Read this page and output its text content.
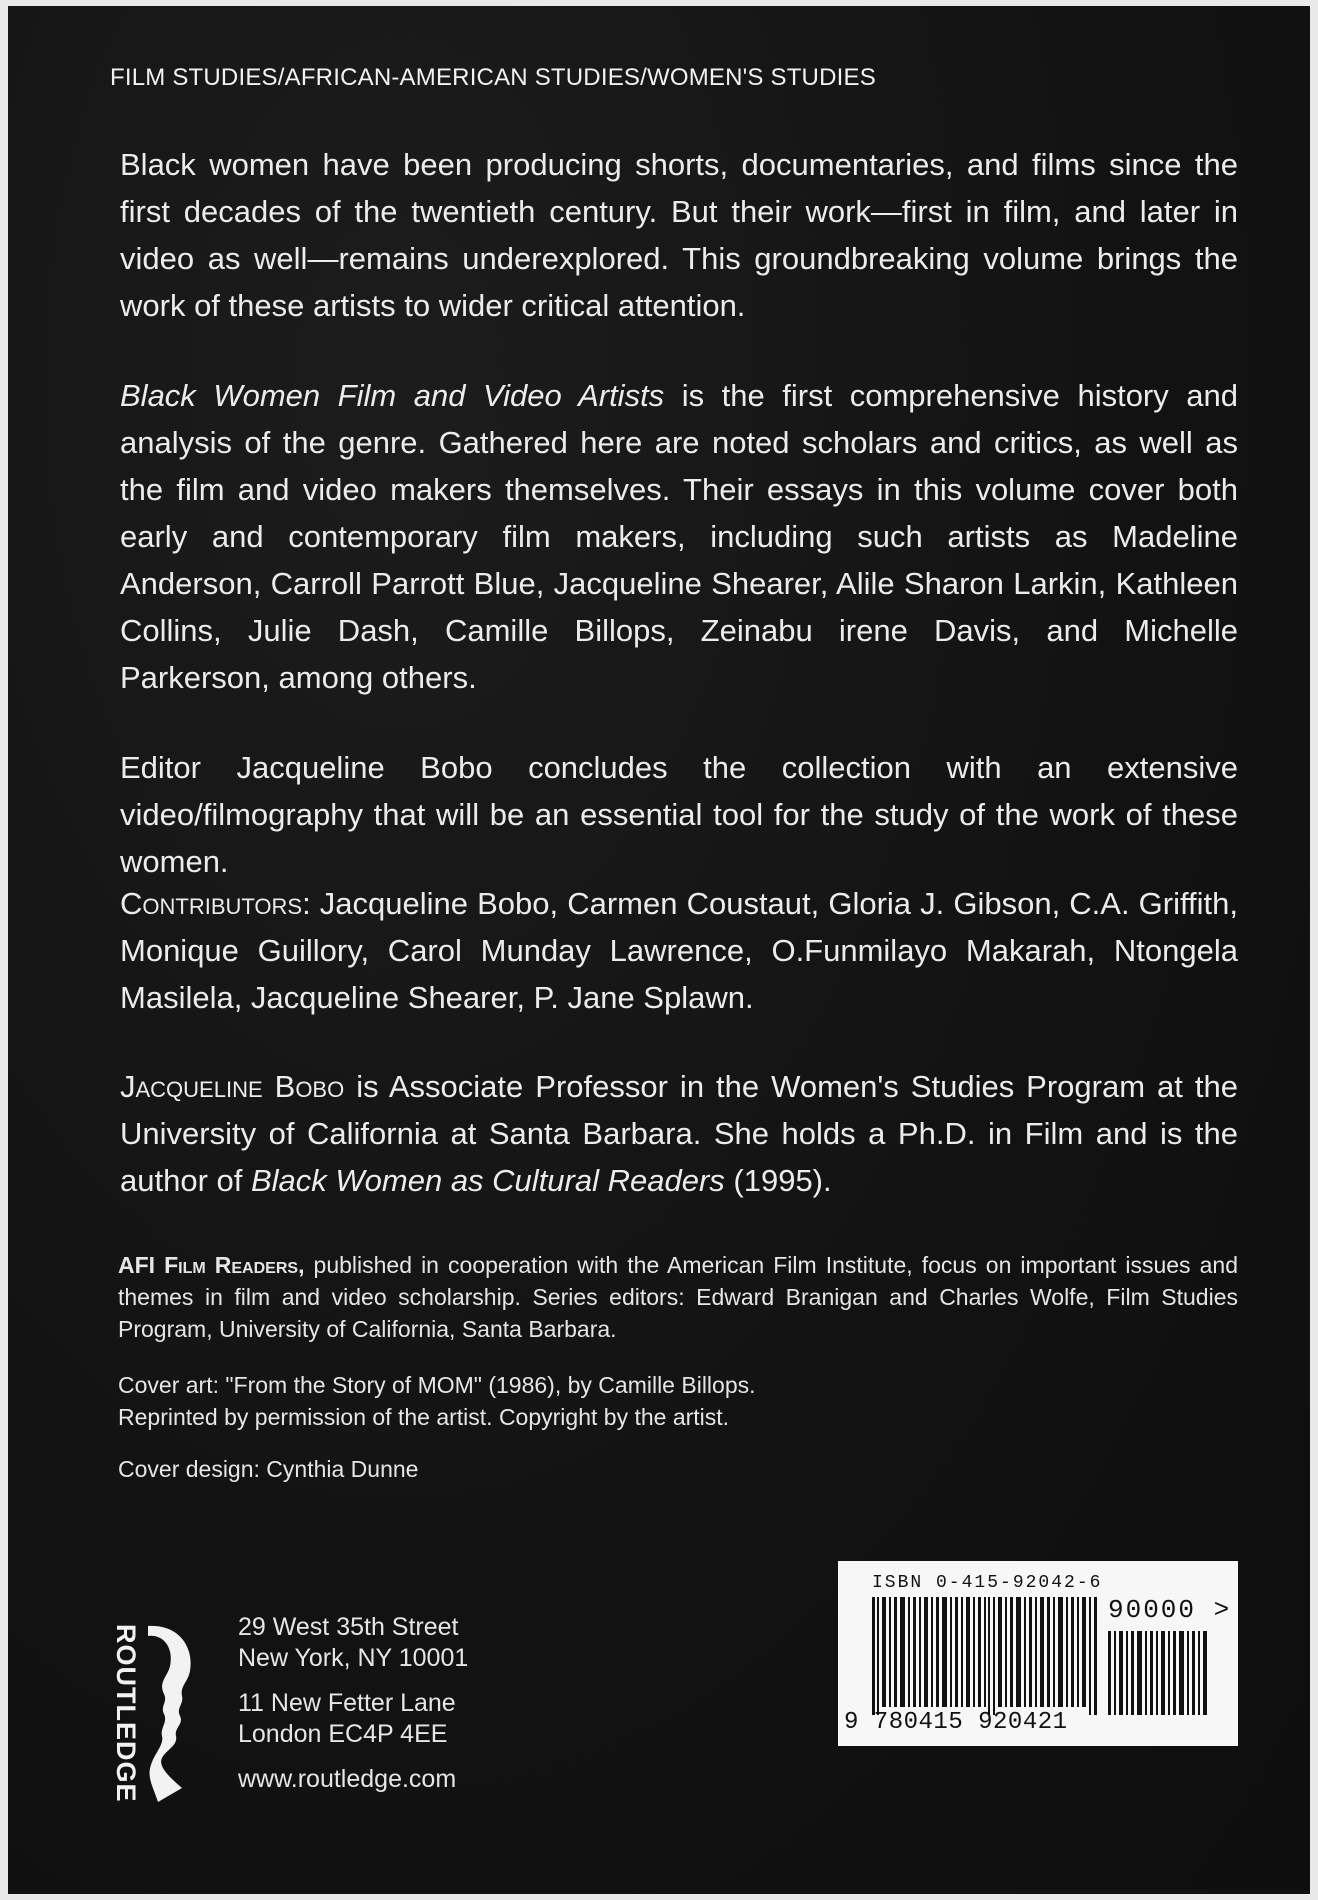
FILM STUDIES/AFRICAN-AMERICAN STUDIES/WOMEN'S STUDIES
Black women have been producing shorts, documentaries, and films since the first decades of the twentieth century. But their work—first in film, and later in video as well—remains underexplored. This groundbreaking volume brings the work of these artists to wider critical attention.
Black Women Film and Video Artists is the first comprehensive history and analysis of the genre. Gathered here are noted scholars and critics, as well as the film and video makers themselves. Their essays in this volume cover both early and contemporary film makers, including such artists as Madeline Anderson, Carroll Parrott Blue, Jacqueline Shearer, Alile Sharon Larkin, Kathleen Collins, Julie Dash, Camille Billops, Zeinabu irene Davis, and Michelle Parkerson, among others.
Editor Jacqueline Bobo concludes the collection with an extensive video/filmography that will be an essential tool for the study of the work of these women.
Contributors: Jacqueline Bobo, Carmen Coustaut, Gloria J. Gibson, C.A. Griffith, Monique Guillory, Carol Munday Lawrence, O.Funmilayo Makarah, Ntongela Masilela, Jacqueline Shearer, P. Jane Splawn.
Jacqueline Bobo is Associate Professor in the Women's Studies Program at the University of California at Santa Barbara. She holds a Ph.D. in Film and is the author of Black Women as Cultural Readers (1995).
AFI Film Readers, published in cooperation with the American Film Institute, focus on important issues and themes in film and video scholarship. Series editors: Edward Branigan and Charles Wolfe, Film Studies Program, University of California, Santa Barbara.
Cover art: "From the Story of MOM" (1986), by Camille Billops.
Reprinted by permission of the artist. Copyright by the artist.
Cover design: Cynthia Dunne
ROUTLEDGE	29 West 35th Street
New York, NY 10001
11 New Fetter Lane
London EC4P 4EE
www.routledge.com
ISBN 0-415-92042-6
90000 >
9 780415 920421
